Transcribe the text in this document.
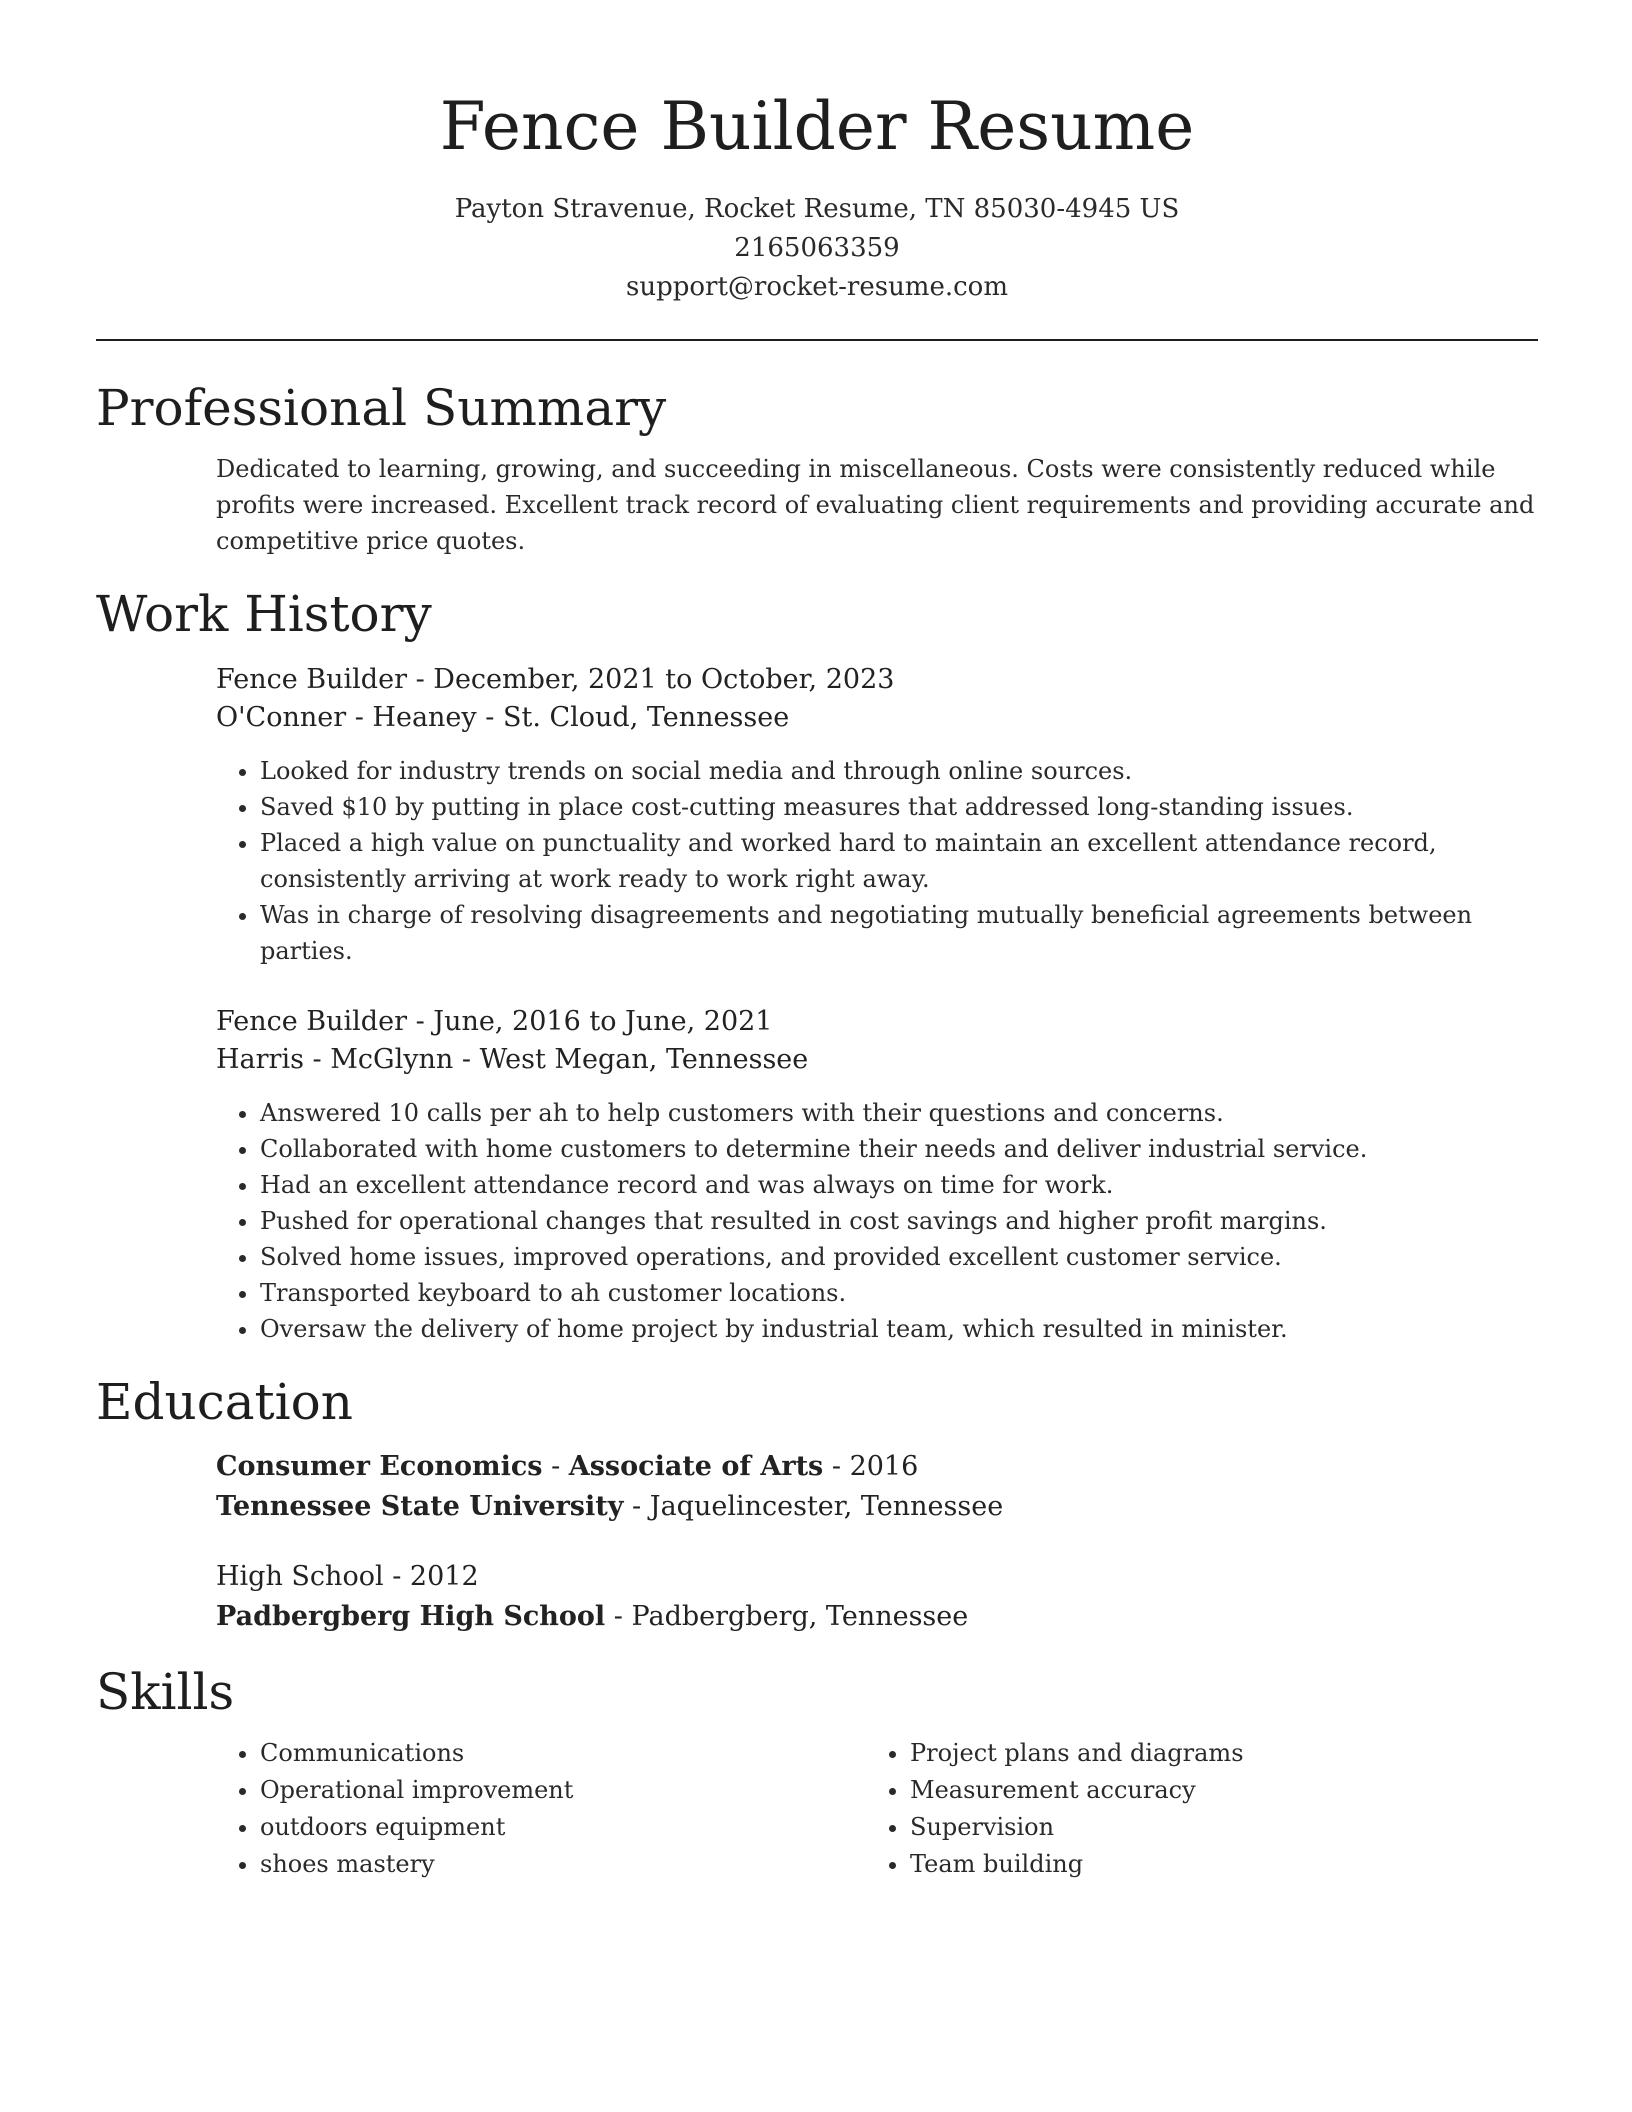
Fence Builder Resume
Payton Stravenue, Rocket Resume, TN 85030-4945 US
2165063359
support@rocket-resume.com
Professional Summary

Dedicated to learning, growing, and succeeding in miscellaneous. Costs were consistently reduced while profits were increased. Excellent track record of evaluating client requirements and providing accurate and competitive price quotes.

Work History
Fence Builder - December, 2021 to October, 2023
O'Conner - Heaney - St. Cloud, Tennessee
• Looked for industry trends on social media and through online sources.
• Saved $10 by putting in place cost-cutting measures that addressed long-standing issues.
• Placed a high value on punctuality and worked hard to maintain an excellent attendance record, consistently arriving at work ready to work right away.
• Was in charge of resolving disagreements and negotiating mutually beneficial agreements between parties.
Fence Builder - June, 2016 to June, 2021
Harris - McGlynn - West Megan, Tennessee
• Answered 10 calls per ah to help customers with their questions and concerns.
• Collaborated with home customers to determine their needs and deliver industrial service.
• Had an excellent attendance record and was always on time for work.
• Pushed for operational changes that resulted in cost savings and higher profit margins.
• Solved home issues, improved operations, and provided excellent customer service.
• Transported keyboard to ah customer locations.
• Oversaw the delivery of home project by industrial team, which resulted in minister.
Education
Consumer Economics - Associate of Arts - 2016
Tennessee State University - Jaquelincester, Tennessee
High School - 2012
Padbergberg High School - Padbergberg, Tennessee
Skills
• Communications
• Operational improvement
• outdoors equipment
• shoes mastery
• Project plans and diagrams
• Measurement accuracy
• Supervision
• Team building
